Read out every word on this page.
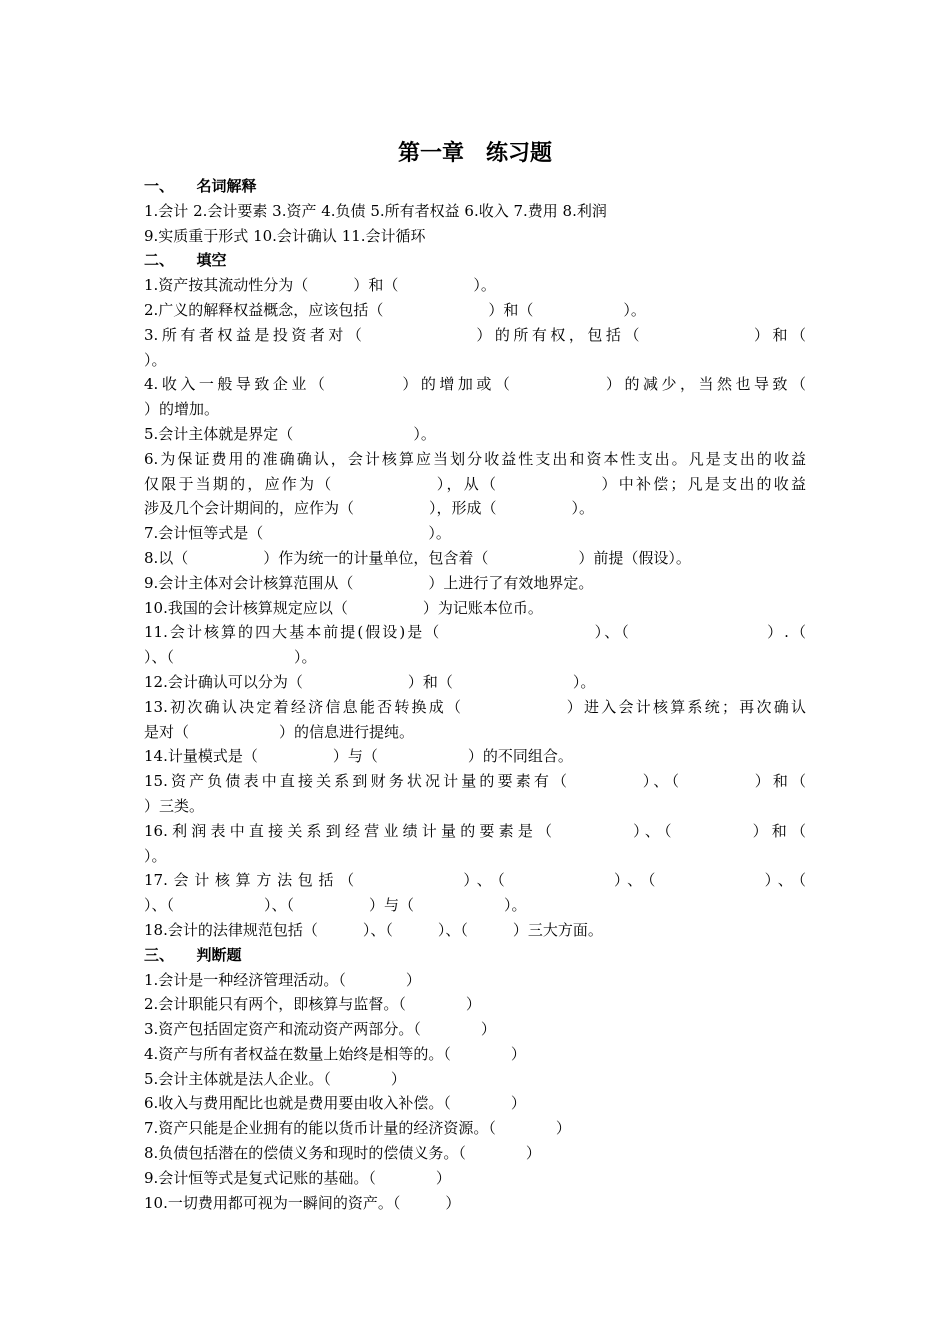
第一章　练习题
一、　　名词解释
1.会计 2.会计要素 3.资产 4.负债 5.所有者权益 6.收入 7.费用 8.利润
9.实质重于形式 10.会计确认 11.会计循环
二、　　填空
1.资产按其流动性分为（　　　）和（　　　　　）。
2.广义的解释权益概念，应该包括（　　　　　　　）和（　　　　　　）。
3.所有者权益是投资者对（　　　　　　）的所有权，包括（　　　　　　）和（
）。
4.收入一般导致企业（　　　　）的增加或（　　　　　）的减少，当然也导致（
）的增加。
5.会计主体就是界定（　　　　　　　　）。
6.为保证费用的准确确认，会计核算应当划分收益性支出和资本性支出。凡是支出的收益
仅限于当期的，应作为（　　　　　　），从（　　　　　　）中补偿；凡是支出的收益
涉及几个会计期间的，应作为（　　　　　），形成（　　　　　）。
7.会计恒等式是（　　　　　　　　　　　）。
8.以（　　　　　）作为统一的计量单位，包含着（　　　　　　）前提（假设）。
9.会计主体对会计核算范围从（　　　　　）上进行了有效地界定。
10.我国的会计核算规定应以（　　　　　）为记账本位币。
11.会计核算的四大基本前提(假设)是（　　　　　　　　　）、（　　　　　　　　）.（
）、（　　　　　　　　）。
12.会计确认可以分为（　　　　　　　）和（　　　　　　　　）。
13.初次确认决定着经济信息能否转换成（　　　　　　）进入会计核算系统；再次确认
是对（　　　　　　）的信息进行提纯。
14.计量模式是（　　　　　）与（　　　　　　）的不同组合。
15.资产负债表中直接关系到财务状况计量的要素有（　　　　）、（　　　　）和（
）三类。
16.利润表中直接关系到经营业绩计量的要素是（　　　　）、（　　　　）和（
）。
17.会计核算方法包括（　　　　　）、（　　　　　）、（　　　　　）、（
）、（　　　　　　）、（　　　　　）与（　　　　　　）。
18.会计的法律规范包括（　　　）、（　　　）、（　　　）三大方面。
三、　　判断题
1.会计是一种经济管理活动。（　　　　）
2.会计职能只有两个，即核算与监督。（　　　　）
3.资产包括固定资产和流动资产两部分。（　　　　）
4.资产与所有者权益在数量上始终是相等的。（　　　　）
5.会计主体就是法人企业。（　　　　）
6.收入与费用配比也就是费用要由收入补偿。（　　　　）
7.资产只能是企业拥有的能以货币计量的经济资源。（　　　　）
8.负债包括潜在的偿债义务和现时的偿债义务。（　　　　）
9.会计恒等式是复式记账的基础。（　　　　）
10.一切费用都可视为一瞬间的资产。（　　　）
